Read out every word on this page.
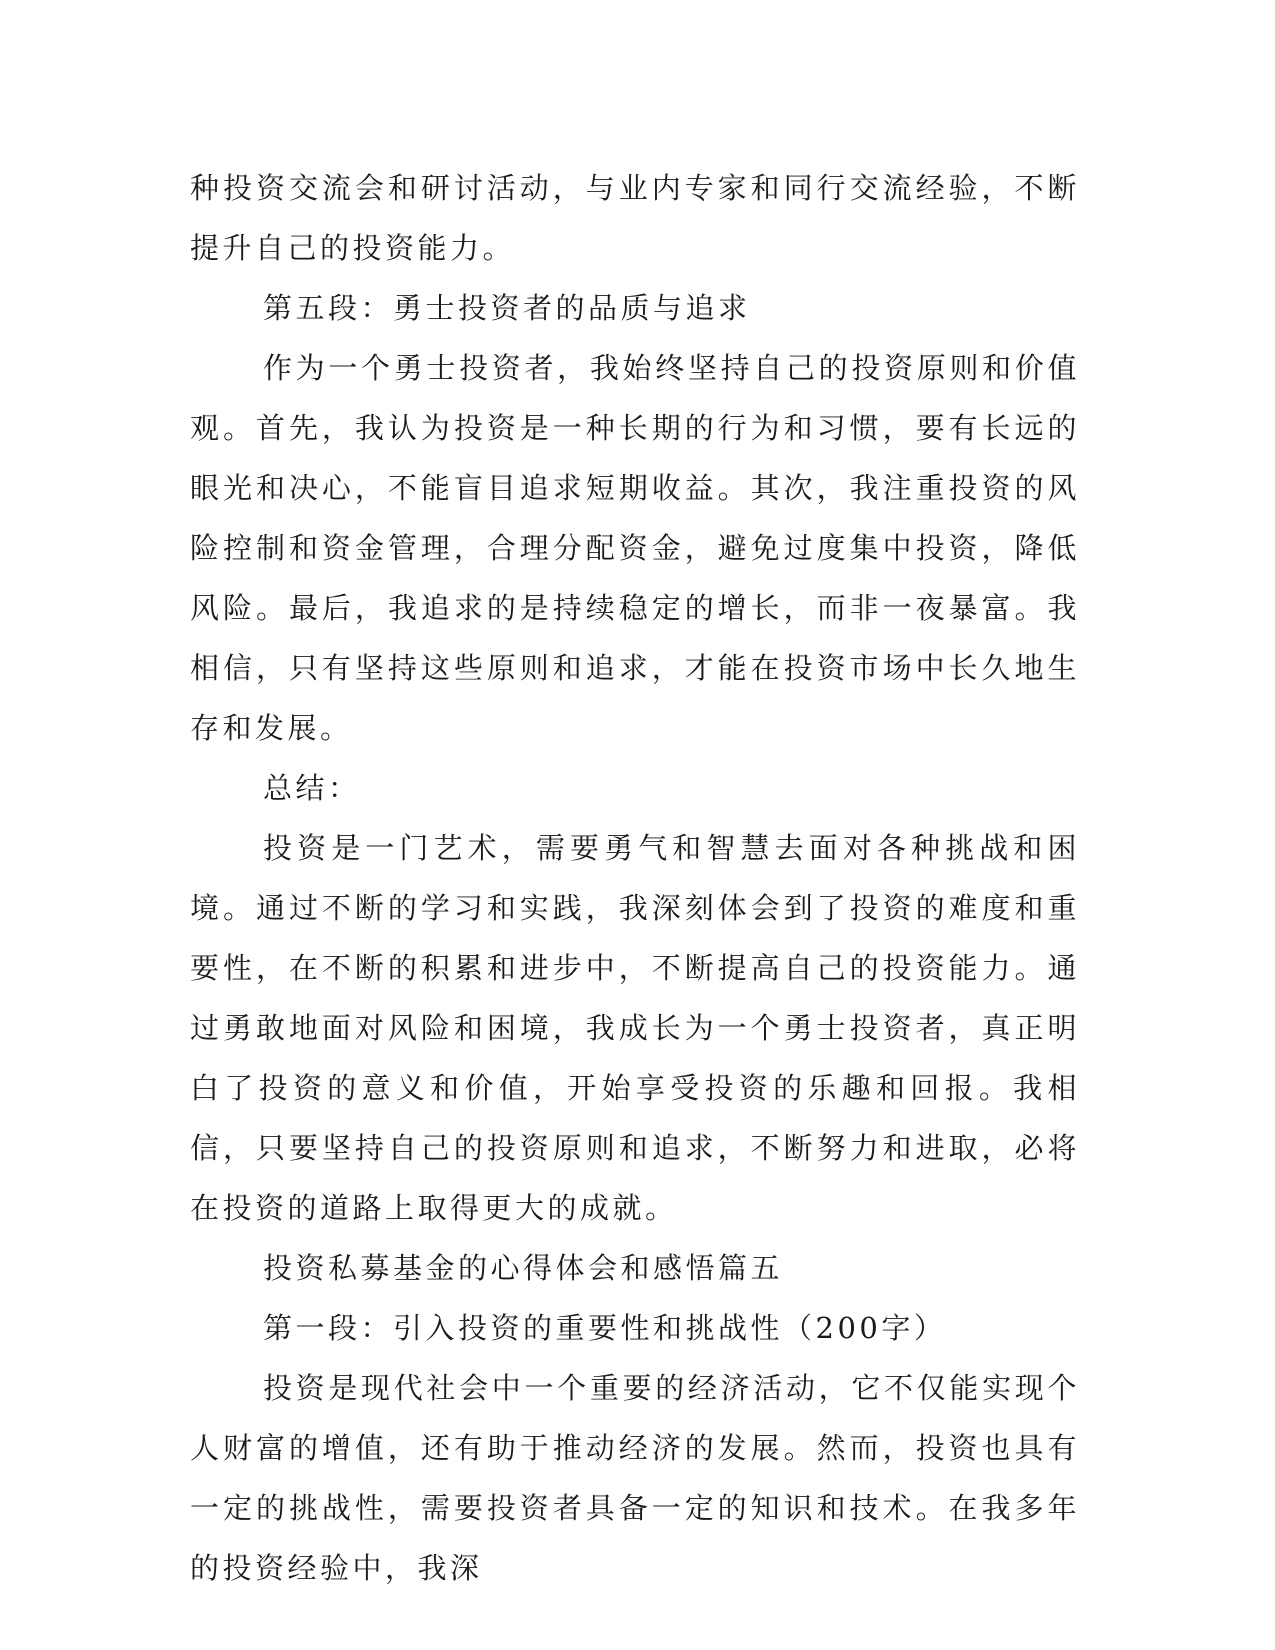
种投资交流会和研讨活动，与业内专家和同行交流经验，不断提升自己的投资能力。

第五段：勇士投资者的品质与追求

作为一个勇士投资者，我始终坚持自己的投资原则和价值观。首先，我认为投资是一种长期的行为和习惯，要有长远的眼光和决心，不能盲目追求短期收益。其次，我注重投资的风险控制和资金管理，合理分配资金，避免过度集中投资，降低风险。最后，我追求的是持续稳定的增长，而非一夜暴富。我相信，只有坚持这些原则和追求，才能在投资市场中长久地生存和发展。

总结：

投资是一门艺术，需要勇气和智慧去面对各种挑战和困境。通过不断的学习和实践，我深刻体会到了投资的难度和重要性，在不断的积累和进步中，不断提高自己的投资能力。通过勇敢地面对风险和困境，我成长为一个勇士投资者，真正明白了投资的意义和价值，开始享受投资的乐趣和回报。我相信，只要坚持自己的投资原则和追求，不断努力和进取，必将在投资的道路上取得更大的成就。

投资私募基金的心得体会和感悟篇五

第一段：引入投资的重要性和挑战性（200字）

投资是现代社会中一个重要的经济活动，它不仅能实现个人财富的增值，还有助于推动经济的发展。然而，投资也具有一定的挑战性，需要投资者具备一定的知识和技术。在我多年的投资经验中，我深
